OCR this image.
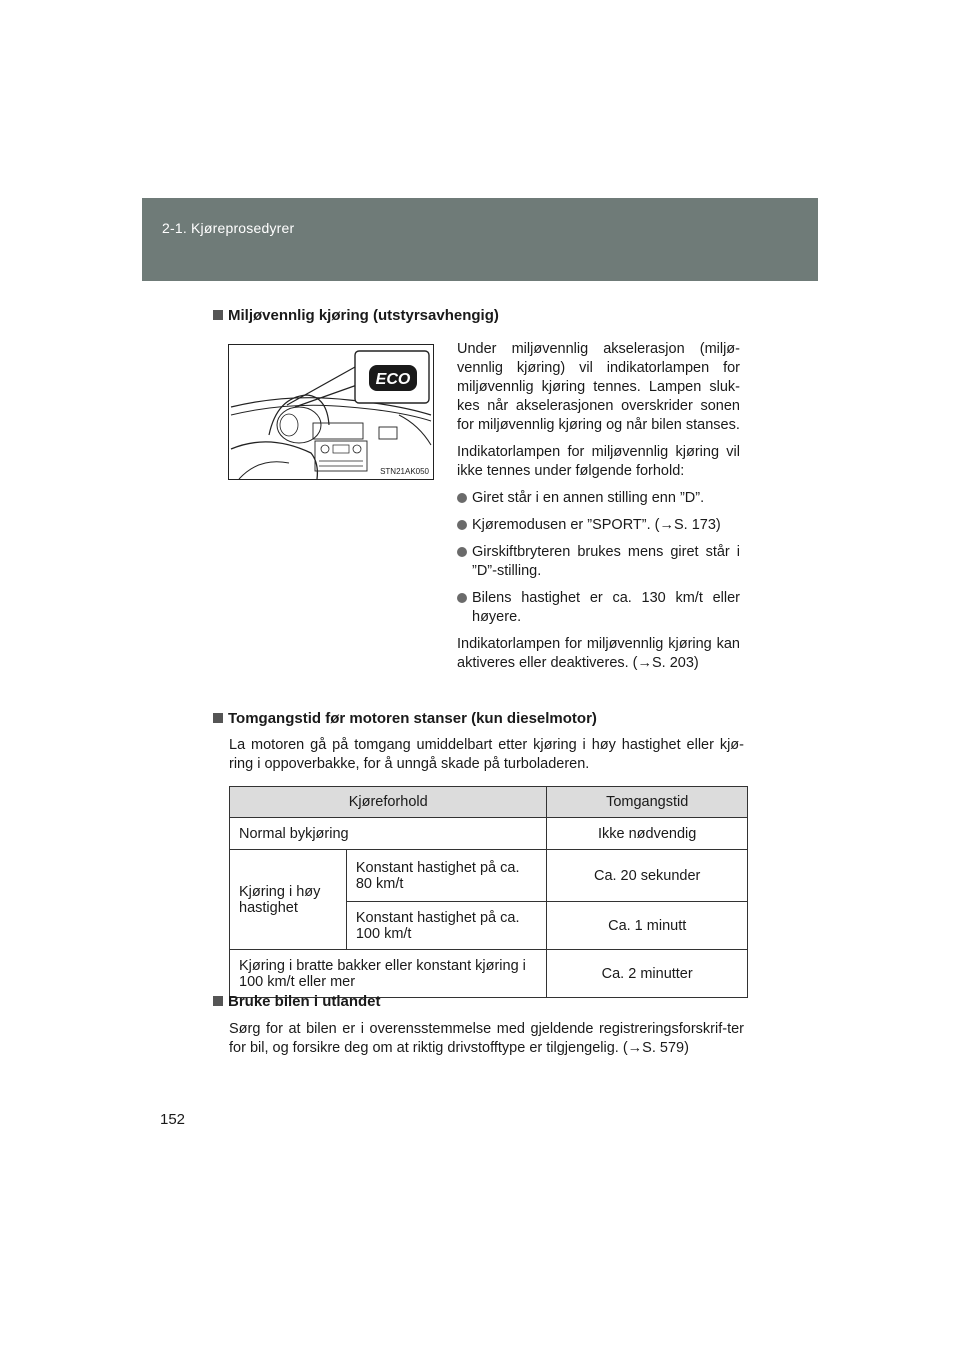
2-1. Kjøreprosedyrer
Miljøvennlig kjøring (utstyrsavhengig)
ECO
STN21AK050

Under miljøvennlig akselerasjon (miljø-vennlig kjøring) vil indikatorlampen for miljøvennlig kjøring tennes. Lampen sluk-kes når akselerasjonen overskrider sonen for miljøvennlig kjøring og når bilen stanses.

Indikatorlampen for miljøvennlig kjøring vil ikke tennes under følgende forhold:

Giret står i en annen stilling enn ”D”.
Kjøremodusen er ”SPORT”. (→S. 173)
Girskiftbryteren brukes mens giret står i ”D”-stilling.
Bilens hastighet er ca. 130 km/t eller høyere.

Indikatorlampen for miljøvennlig kjøring kan aktiveres eller deaktiveres. (→S. 203)

Tomgangstid før motoren stanser (kun dieselmotor)
La motoren gå på tomgang umiddelbart etter kjøring i høy hastighet eller kjø-ring i oppoverbakke, for å unngå skade på turboladeren.
Kjøreforhold		Tomgangstid
Normal bykjøring		Ikke nødvendig
Kjøring i høy hastighet	Konstant hastighet på ca. 80 km/t	Ca. 20 sekunder
	Konstant hastighet på ca. 100 km/t	Ca. 1 minutt
Kjøring i bratte bakker eller konstant kjøring i 100 km/t eller mer		Ca. 2 minutter
Bruke bilen i utlandet
Sørg for at bilen er i overensstemmelse med gjeldende registreringsforskrif-ter for bil, og forsikre deg om at riktig drivstofftype er tilgjengelig. (→S. 579)
152
